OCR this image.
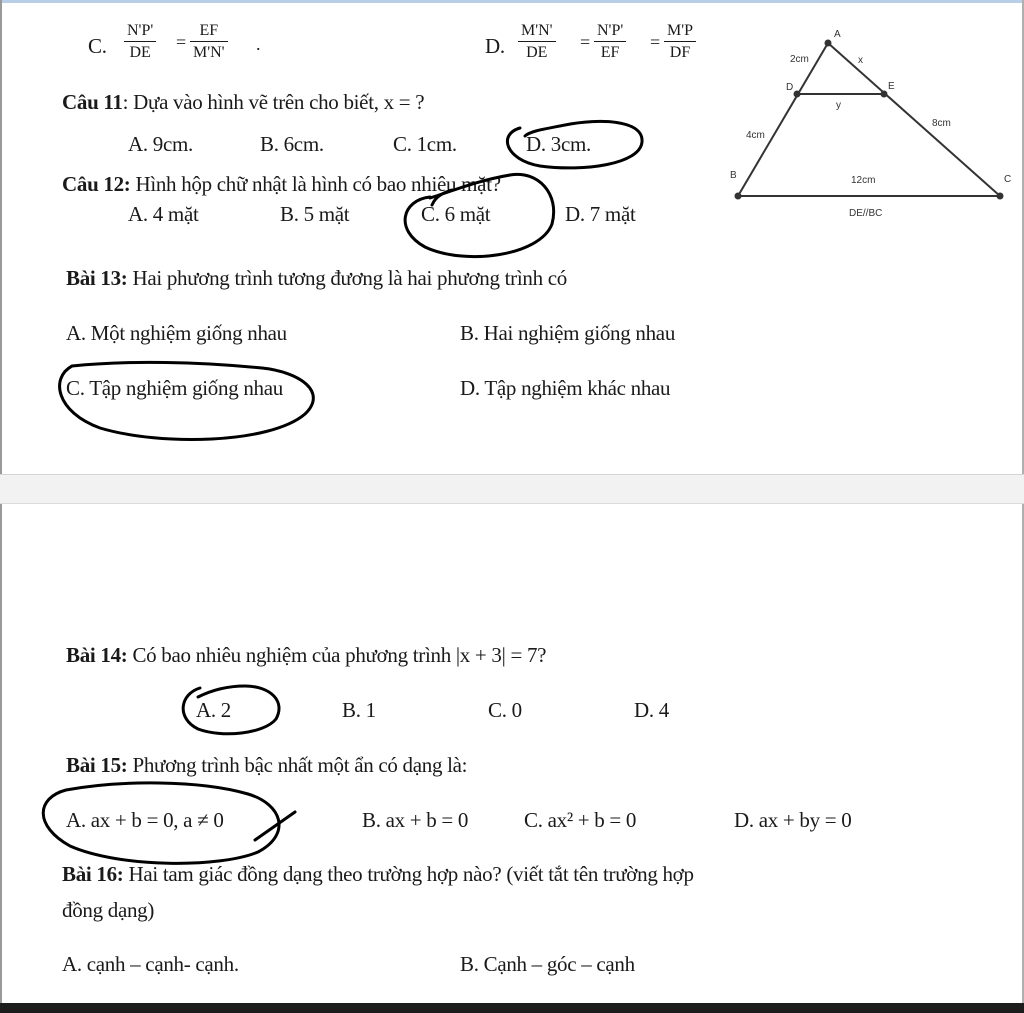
C. $\frac{N'P'}{DE} = \frac{EF}{M'N'}$ .	D. $\frac{M'N'}{DE} = \frac{N'P'}{EF} = \frac{M'P}{DF}$
Câu 11: Dựa vào hình vẽ trên cho biết, x = ?
A. 9cm.	B. 6cm.	C. 1cm.	D. 3cm.
Câu 12: Hình hộp chữ nhật là hình có bao nhiêu mặt?
A. 4 mặt	B. 5 mặt	C. 6 mặt	D. 7 mặt
Bài 13: Hai phương trình tương đương là hai phương trình có
A. Một nghiệm giống nhau	B. Hai nghiệm giống nhau
C. Tập nghiệm giống nhau	D. Tập nghiệm khác nhau
Bài 14: Có bao nhiêu nghiệm của phương trình |x + 3| = 7?
A. 2	B. 1	C. 0	D. 4
Bài 15: Phương trình bậc nhất một ẩn có dạng là:
A. ax + b = 0, a ≠ 0	B. ax + b = 0	C. ax² + b = 0	D. ax + by = 0
Bài 16: Hai tam giác đồng dạng theo trường hợp nào? (viết tắt tên trường hợp
đồng dạng)
A. cạnh – cạnh- cạnh.	B. Cạnh – góc – cạnh
A
B	C
D	E
x
y
2cm
4cm
8cm
12cm
DE//BC
